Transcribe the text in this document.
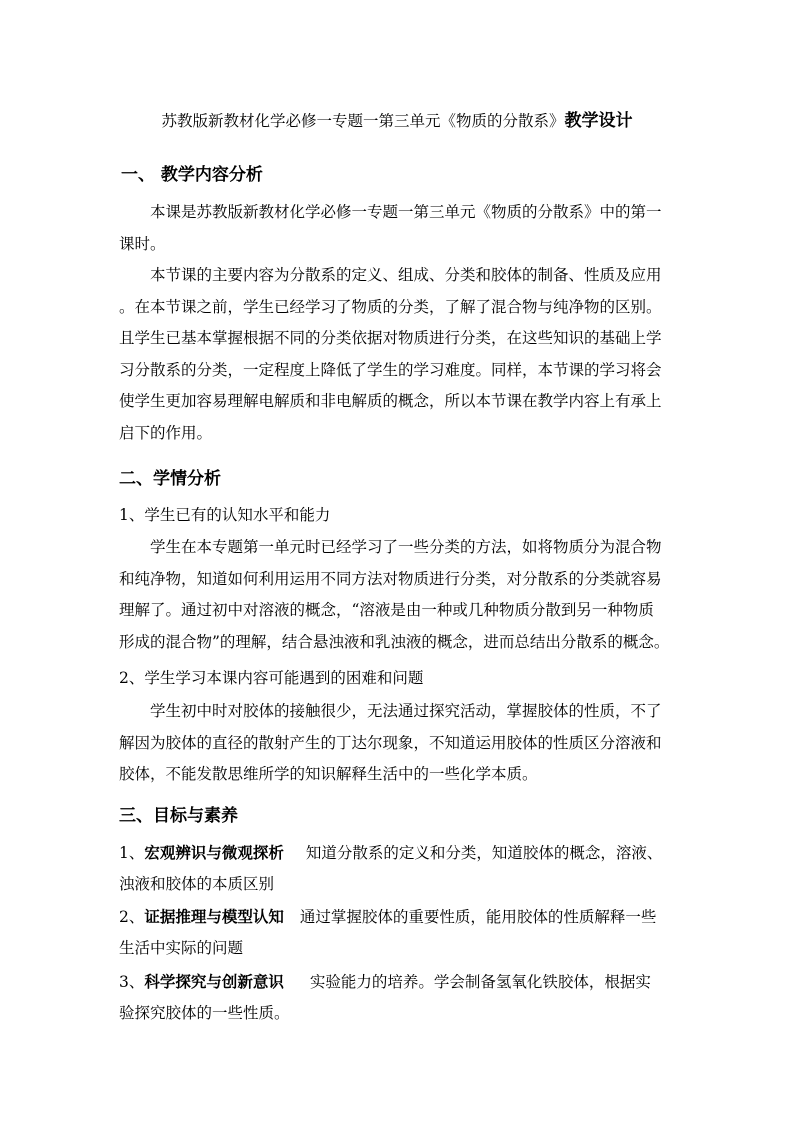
苏教版新教材化学必修一专题一第三单元《物质的分散系》教学设计
一、 教学内容分析
本课是苏教版新教材化学必修一专题一第三单元《物质的分散系》中的第一
课时。
本节课的主要内容为分散系的定义、组成、分类和胶体的制备、性质及应用
。在本节课之前，学生已经学习了物质的分类，了解了混合物与纯净物的区别。
且学生已基本掌握根据不同的分类依据对物质进行分类，在这些知识的基础上学
习分散系的分类，一定程度上降低了学生的学习难度。同样，本节课的学习将会
使学生更加容易理解电解质和非电解质的概念，所以本节课在教学内容上有承上
启下的作用。
二、学情分析
1、学生已有的认知水平和能力
学生在本专题第一单元时已经学习了一些分类的方法，如将物质分为混合物
和纯净物，知道如何利用运用不同方法对物质进行分类，对分散系的分类就容易
理解了。通过初中对溶液的概念，“溶液是由一种或几种物质分散到另一种物质
形成的混合物”的理解，结合悬浊液和乳浊液的概念，进而总结出分散系的概念。
2、学生学习本课内容可能遇到的困难和问题
学生初中时对胶体的接触很少，无法通过探究活动，掌握胶体的性质，不了
解因为胶体的直径的散射产生的丁达尔现象，不知道运用胶体的性质区分溶液和
胶体，不能发散思维所学的知识解释生活中的一些化学本质。
三、目标与素养
1、宏观辨识与微观探析 知道分散系的定义和分类，知道胶体的概念，溶液、
浊液和胶体的本质区别
2、证据推理与模型认知 通过掌握胶体的重要性质，能用胶体的性质解释一些
生活中实际的问题
3、科学探究与创新意识 实验能力的培养。学会制备氢氧化铁胶体，根据实
验探究胶体的一些性质。
